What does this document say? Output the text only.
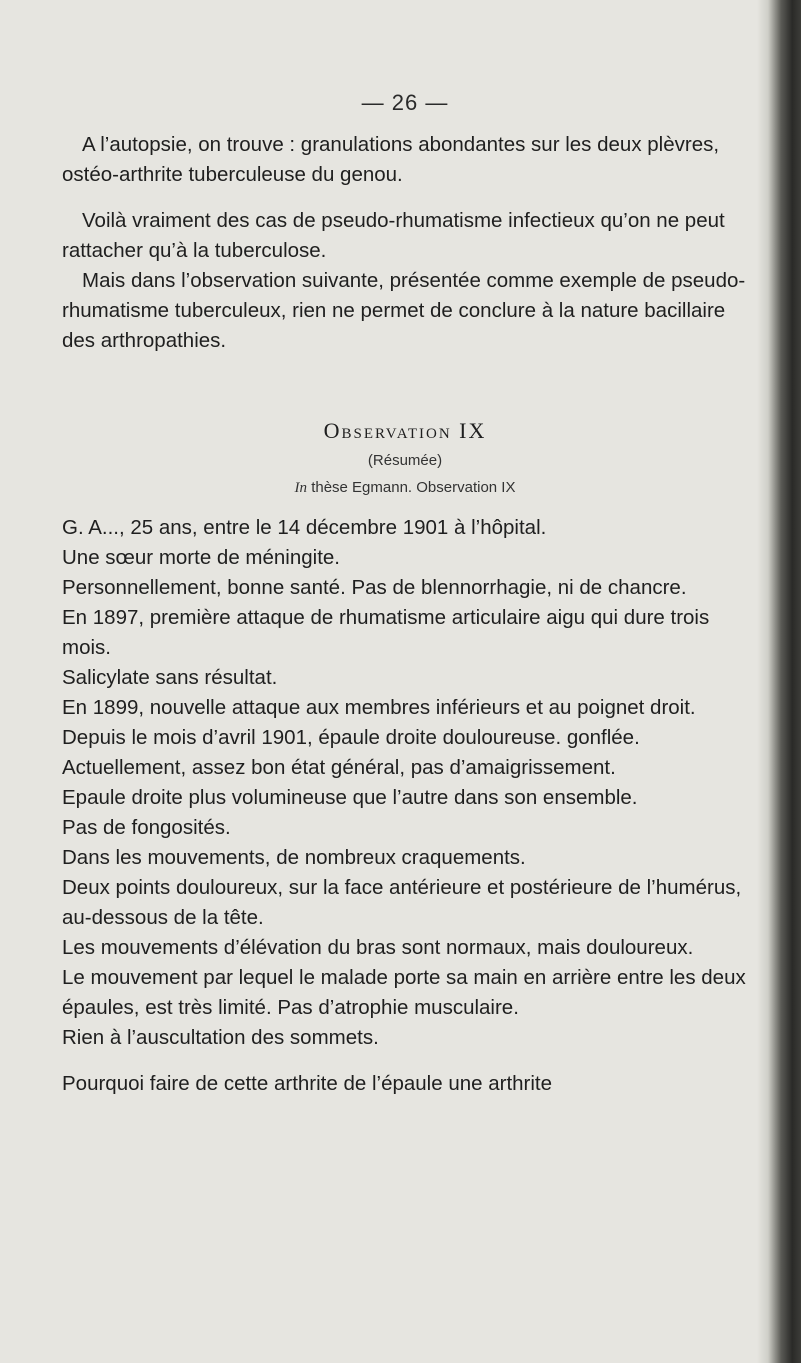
— 26 —

A l’autopsie, on trouve : granulations abondantes sur les deux plèvres, ostéo-arthrite tuberculeuse du genou.

Voilà vraiment des cas de pseudo-rhumatisme infectieux qu’on ne peut rattacher qu’à la tuberculose.

Mais dans l’observation suivante, présentée comme exemple de pseudo-rhumatisme tuberculeux, rien ne permet de conclure à la nature bacillaire des arthropathies.

Observation IX
(Résumée)
In thèse Egmann. Observation IX

G. A..., 25 ans, entre le 14 décembre 1901 à l’hôpital.

Une sœur morte de méningite.

Personnellement, bonne santé. Pas de blennorrhagie, ni de chancre.

En 1897, première attaque de rhumatisme articulaire aigu qui dure trois mois.

Salicylate sans résultat.

En 1899, nouvelle attaque aux membres inférieurs et au poignet droit.

Depuis le mois d’avril 1901, épaule droite douloureuse. gonflée.

Actuellement, assez bon état général, pas d’amaigrissement.

Epaule droite plus volumineuse que l’autre dans son ensemble.

Pas de fongosités.

Dans les mouvements, de nombreux craquements.

Deux points douloureux, sur la face antérieure et postérieure de l’humérus, au-dessous de la tête.

Les mouvements d’élévation du bras sont normaux, mais douloureux.

Le mouvement par lequel le malade porte sa main en arrière entre les deux épaules, est très limité. Pas d’atrophie musculaire.

Rien à l’auscultation des sommets.

Pourquoi faire de cette arthrite de l’épaule une arthrite
